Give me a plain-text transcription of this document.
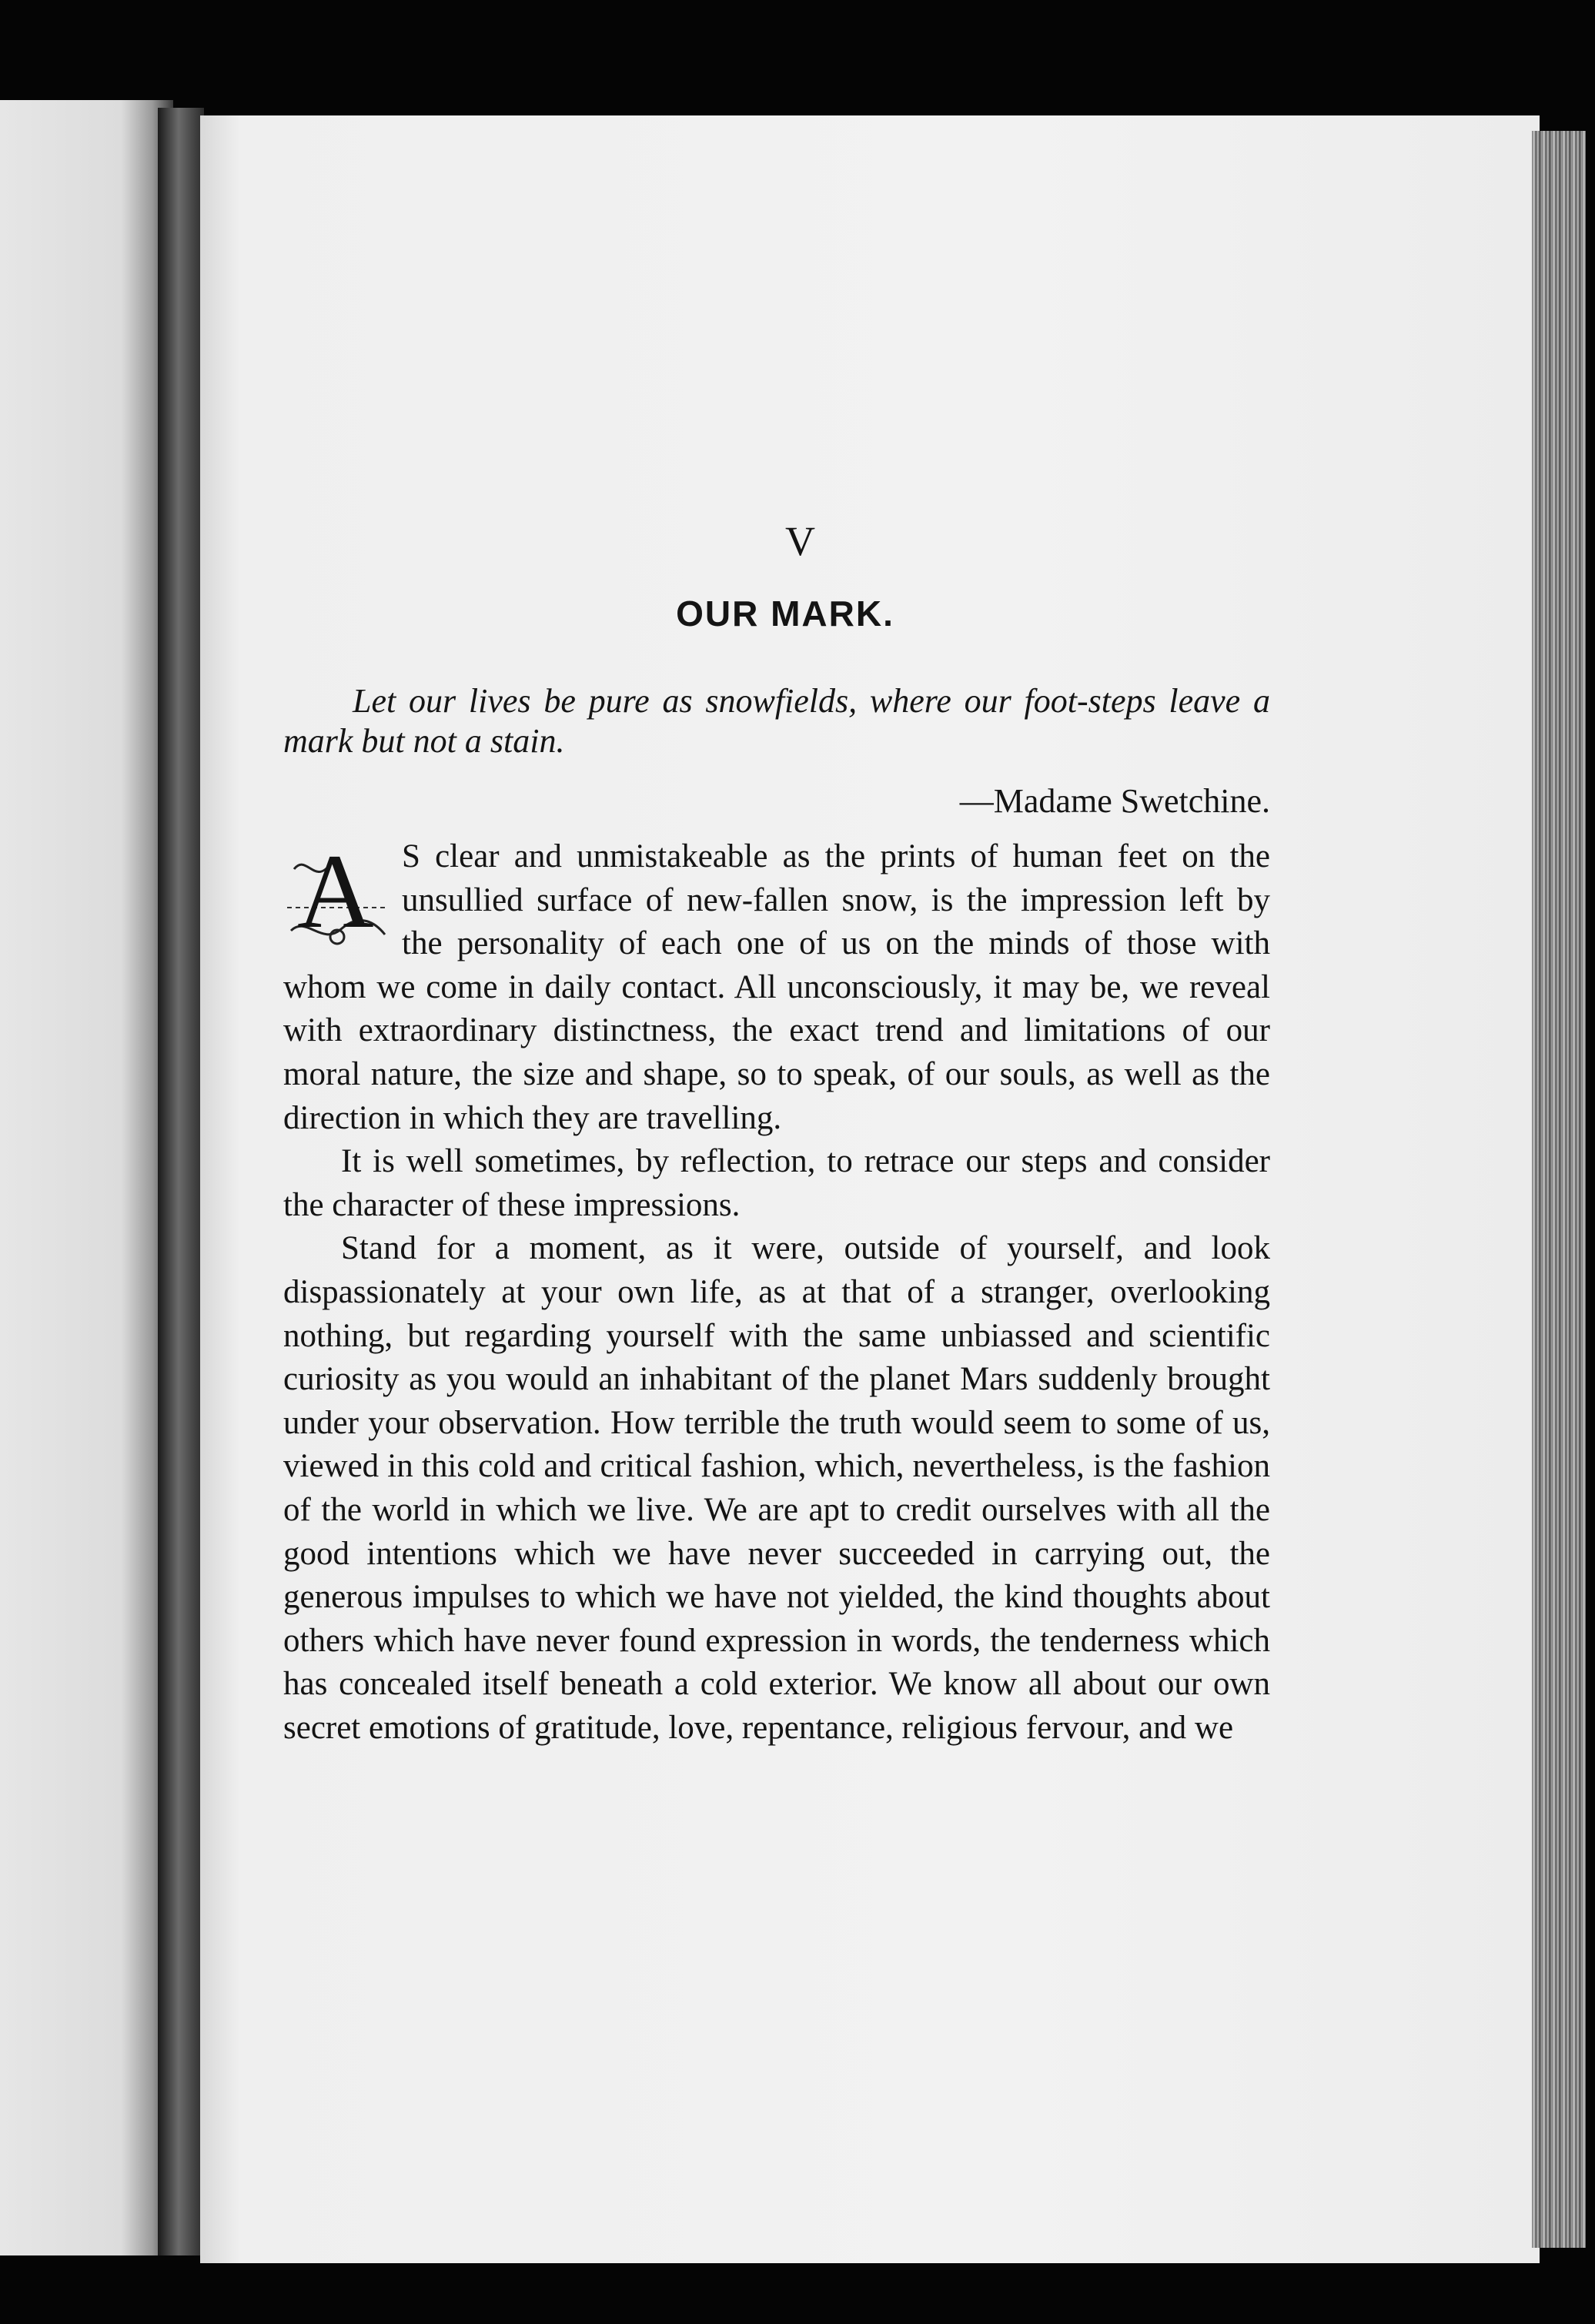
V
OUR MARK.
Let our lives be pure as snowfields, where our foot-steps leave a mark but not a stain.
—Madame Swetchine.
A S clear and unmistakeable as the prints of human feet on the unsullied surface of new-fallen snow, is the impression left by the personality of each one of us on the minds of those with whom we come in daily contact. All unconsciously, it may be, we reveal with extraordinary distinctness, the exact trend and limitations of our moral nature, the size and shape, so to speak, of our souls, as well as the direction in which they are travelling.

It is well sometimes, by reflection, to retrace our steps and consider the character of these impressions.

Stand for a moment, as it were, outside of yourself, and look dispassionately at your own life, as at that of a stranger, overlooking nothing, but regarding yourself with the same unbiassed and scientific curiosity as you would an inhabitant of the planet Mars suddenly brought under your observation. How terrible the truth would seem to some of us, viewed in this cold and critical fashion, which, nevertheless, is the fashion of the world in which we live. We are apt to credit ourselves with all the good intentions which we have never succeeded in carrying out, the generous impulses to which we have not yielded, the kind thoughts about others which have never found expression in words, the tenderness which has concealed itself beneath a cold exterior. We know all about our own secret emotions of gratitude, love, repentance, religious fervour, and we
